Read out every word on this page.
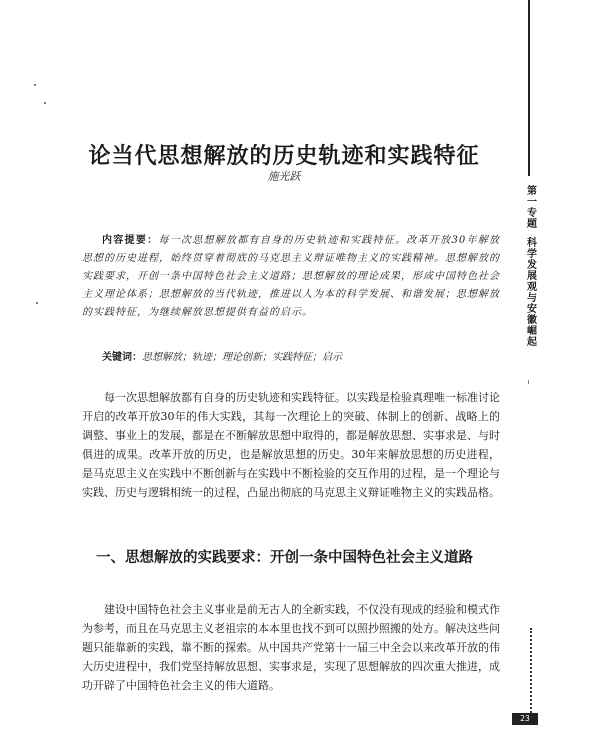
论当代思想解放的历史轨迹和实践特征
施光跃

内容提要：每一次思想解放都有自身的历史轨迹和实践特征。改革开放30年解放思想的历史进程，始终贯穿着彻底的马克思主义辩证唯物主义的实践精神。思想解放的实践要求，开创一条中国特色社会主义道路；思想解放的理论成果，形成中国特色社会主义理论体系；思想解放的当代轨迹，推进以人为本的科学发展、和谐发展；思想解放的实践特征，为继续解放思想提供有益的启示。

关键词：思想解放；轨迹；理论创新；实践特征；启示

每一次思想解放都有自身的历史轨迹和实践特征。以实践是检验真理唯一标准讨论开启的改革开放30年的伟大实践，其每一次理论上的突破、体制上的创新、战略上的调整、事业上的发展，都是在不断解放思想中取得的，都是解放思想、实事求是、与时俱进的成果。改革开放的历史，也是解放思想的历史。30年来解放思想的历史进程，是马克思主义在实践中不断创新与在实践中不断检验的交互作用的过程，是一个理论与实践、历史与逻辑相统一的过程，凸显出彻底的马克思主义辩证唯物主义的实践品格。

一、思想解放的实践要求：开创一条中国特色社会主义道路

建设中国特色社会主义事业是前无古人的全新实践，不仅没有现成的经验和模式作为参考，而且在马克思主义老祖宗的本本里也找不到可以照抄照搬的处方。解决这些问题只能靠新的实践，靠不断的探索。从中国共产党第十一届三中全会以来改革开放的伟大历史进程中，我们党坚持解放思想、实事求是，实现了思想解放的四次重大推进，成功开辟了中国特色社会主义的伟大道路。

第
一
专
题
科
学
发
展
观
与
安
徽
崛
起
23
